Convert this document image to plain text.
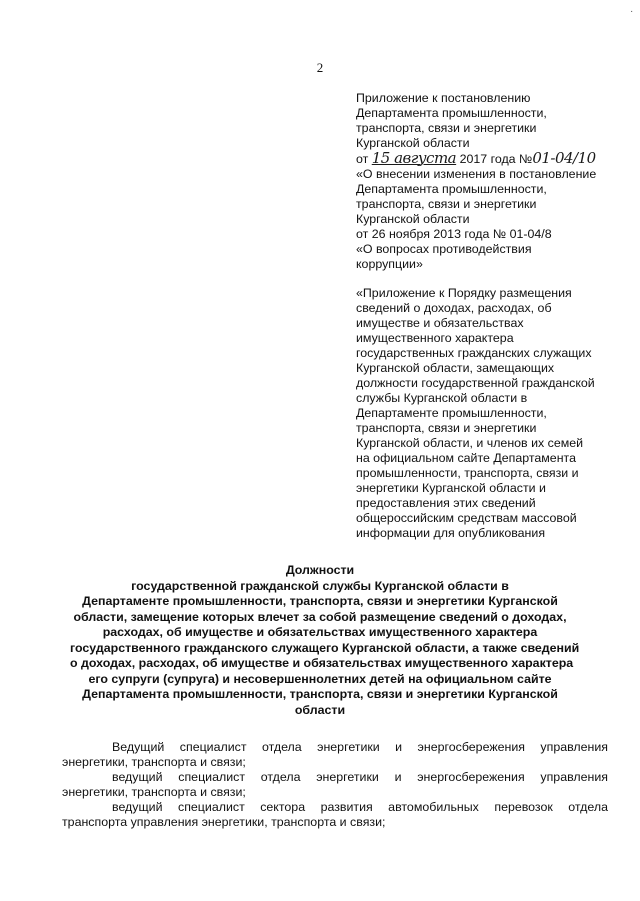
·
2
Приложение к постановлению
Департамента промышленности,
транспорта, связи и энергетики
Курганской области
от 15 августа 2017 года №01-04/10
«О внесении изменения в постановление
Департамента промышленности,
транспорта, связи и энергетики
Курганской области
от 26 ноября 2013 года № 01-04/8
«О вопросах противодействия
коррупции»
«Приложение к Порядку размещения
сведений о доходах, расходах, об
имуществе и обязательствах
имущественного характера
государственных гражданских служащих
Курганской области, замещающих
должности государственной гражданской
службы Курганской области в
Департаменте промышленности,
транспорта, связи и энергетики
Курганской области, и членов их семей
на официальном сайте Департамента
промышленности, транспорта, связи и
энергетики Курганской области и
предоставления этих сведений
общероссийским средствам массовой
информации для опубликования
Должности
государственной гражданской службы Курганской области в
Департаменте промышленности, транспорта, связи и энергетики Курганской
области, замещение которых влечет за собой размещение сведений о доходах,
расходах, об имуществе и обязательствах имущественного характера
государственного гражданского служащего Курганской области, а также сведений
о доходах, расходах, об имуществе и обязательствах имущественного характера
его супруги (супруга) и несовершеннолетних детей на официальном сайте
Департамента промышленности, транспорта, связи и энергетики Курганской
области
Ведущий специалист отдела энергетики и энергосбережения управления
энергетики, транспорта и связи;
ведущий специалист отдела энергетики и энергосбережения управления
энергетики, транспорта и связи;
ведущий специалист сектора развития автомобильных перевозок отдела
транспорта управления энергетики, транспорта и связи;
